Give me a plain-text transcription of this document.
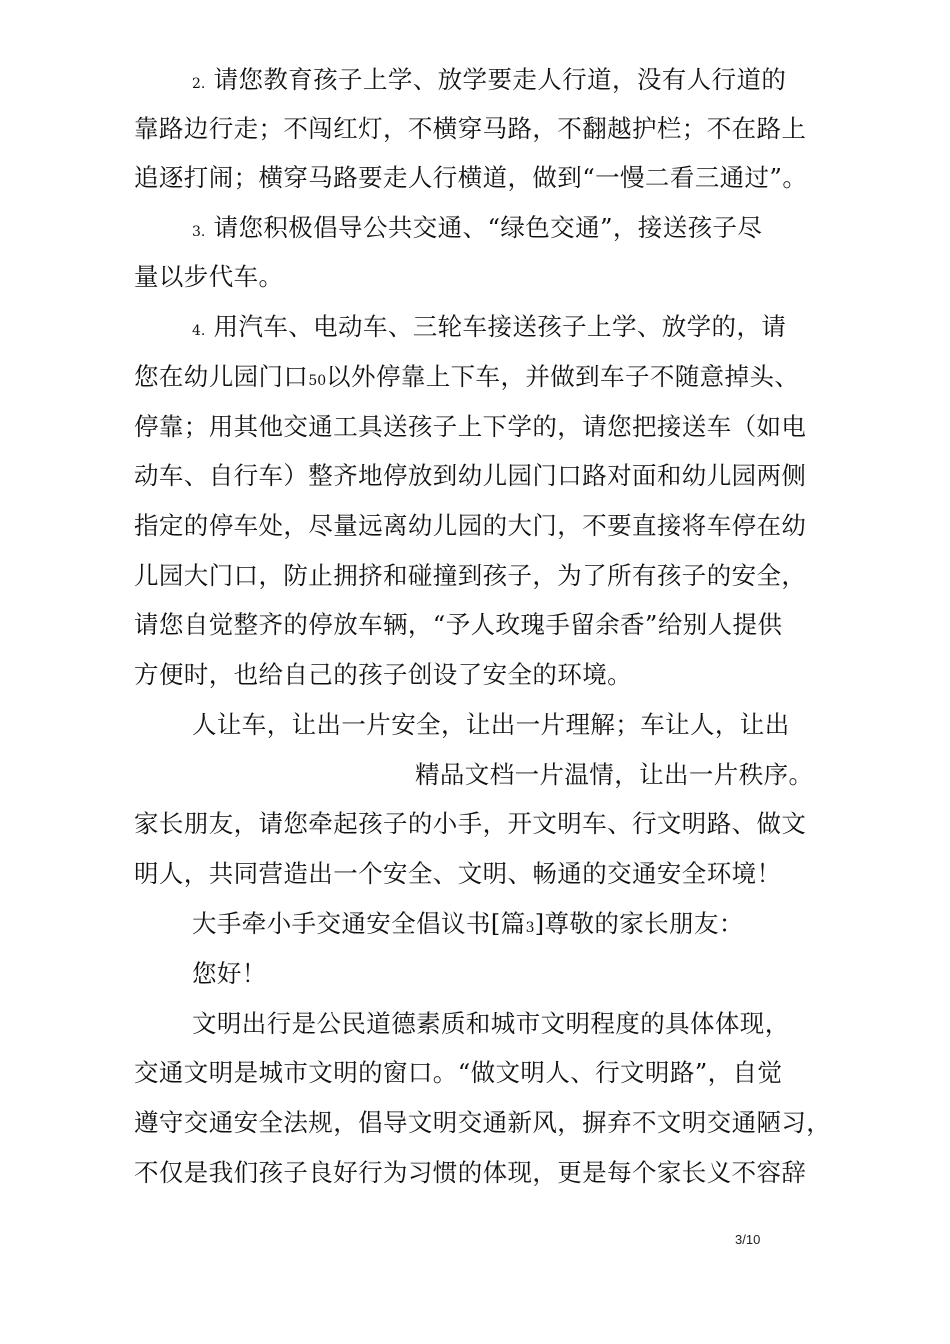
2. 请您教育孩子上学、放学要走人行道，没有人行道的
靠路边行走；不闯红灯，不横穿马路，不翻越护栏；不在路上
追逐打闹；横穿马路要走人行横道，做到“一慢二看三通过”。
3. 请您积极倡导公共交通、“绿色交通”，接送孩子尽
量以步代车。
4. 用汽车、电动车、三轮车接送孩子上学、放学的，请
您在幼儿园门口50以外停靠上下车，并做到车子不随意掉头、
停靠；用其他交通工具送孩子上下学的，请您把接送车（如电
动车、自行车）整齐地停放到幼儿园门口路对面和幼儿园两侧
指定的停车处，尽量远离幼儿园的大门，不要直接将车停在幼
儿园大门口，防止拥挤和碰撞到孩子，为了所有孩子的安全，
请您自觉整齐的停放车辆，“予人玫瑰手留余香”给别人提供
方便时，也给自己的孩子创设了安全的环境。
人让车，让出一片安全，让出一片理解；车让人，让出
精品文档一片温情，让出一片秩序。
家长朋友，请您牵起孩子的小手，开文明车、行文明路、做文
明人，共同营造出一个安全、文明、畅通的交通安全环境！
大手牵小手交通安全倡议书[篇3]尊敬的家长朋友：
您好！
文明出行是公民道德素质和城市文明程度的具体体现，
交通文明是城市文明的窗口。“做文明人、行文明路”，自觉
遵守交通安全法规，倡导文明交通新风，摒弃不文明交通陋习，
不仅是我们孩子良好行为习惯的体现，更是每个家长义不容辞
3/10
